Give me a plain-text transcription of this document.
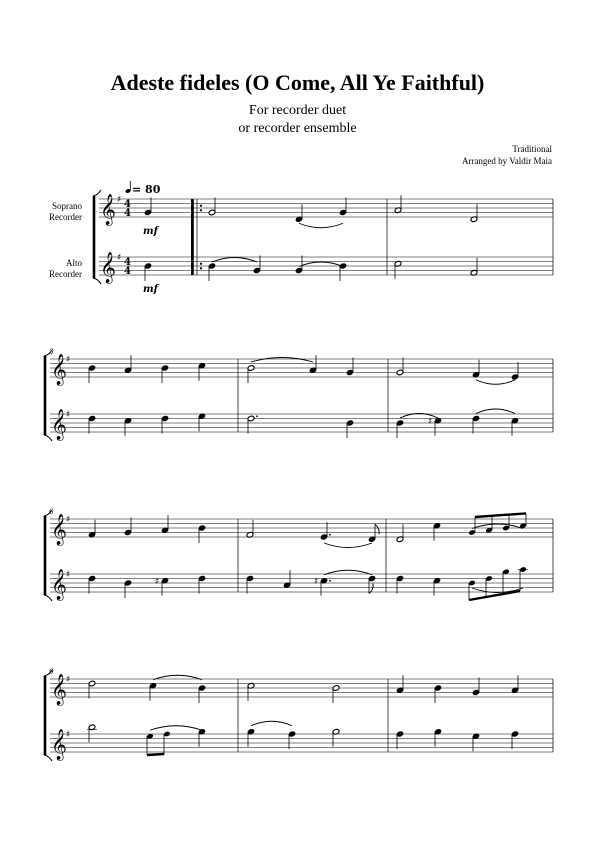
Adeste fideles (O Come, All Ye Faithful)
For recorder duet
or recorder ensemble
Traditional
Arranged by Valdir Maia
Soprano
Recorder
Alto
Recorder
𝄞
𝄞
♯
♯
4
4
4
4
mf
mf
𝄞
𝄞
♯
♯
3
♯
𝄞
𝄞
♯
♯
6
♯	♯
𝄞
𝄞
♯
♯
9
= 80
